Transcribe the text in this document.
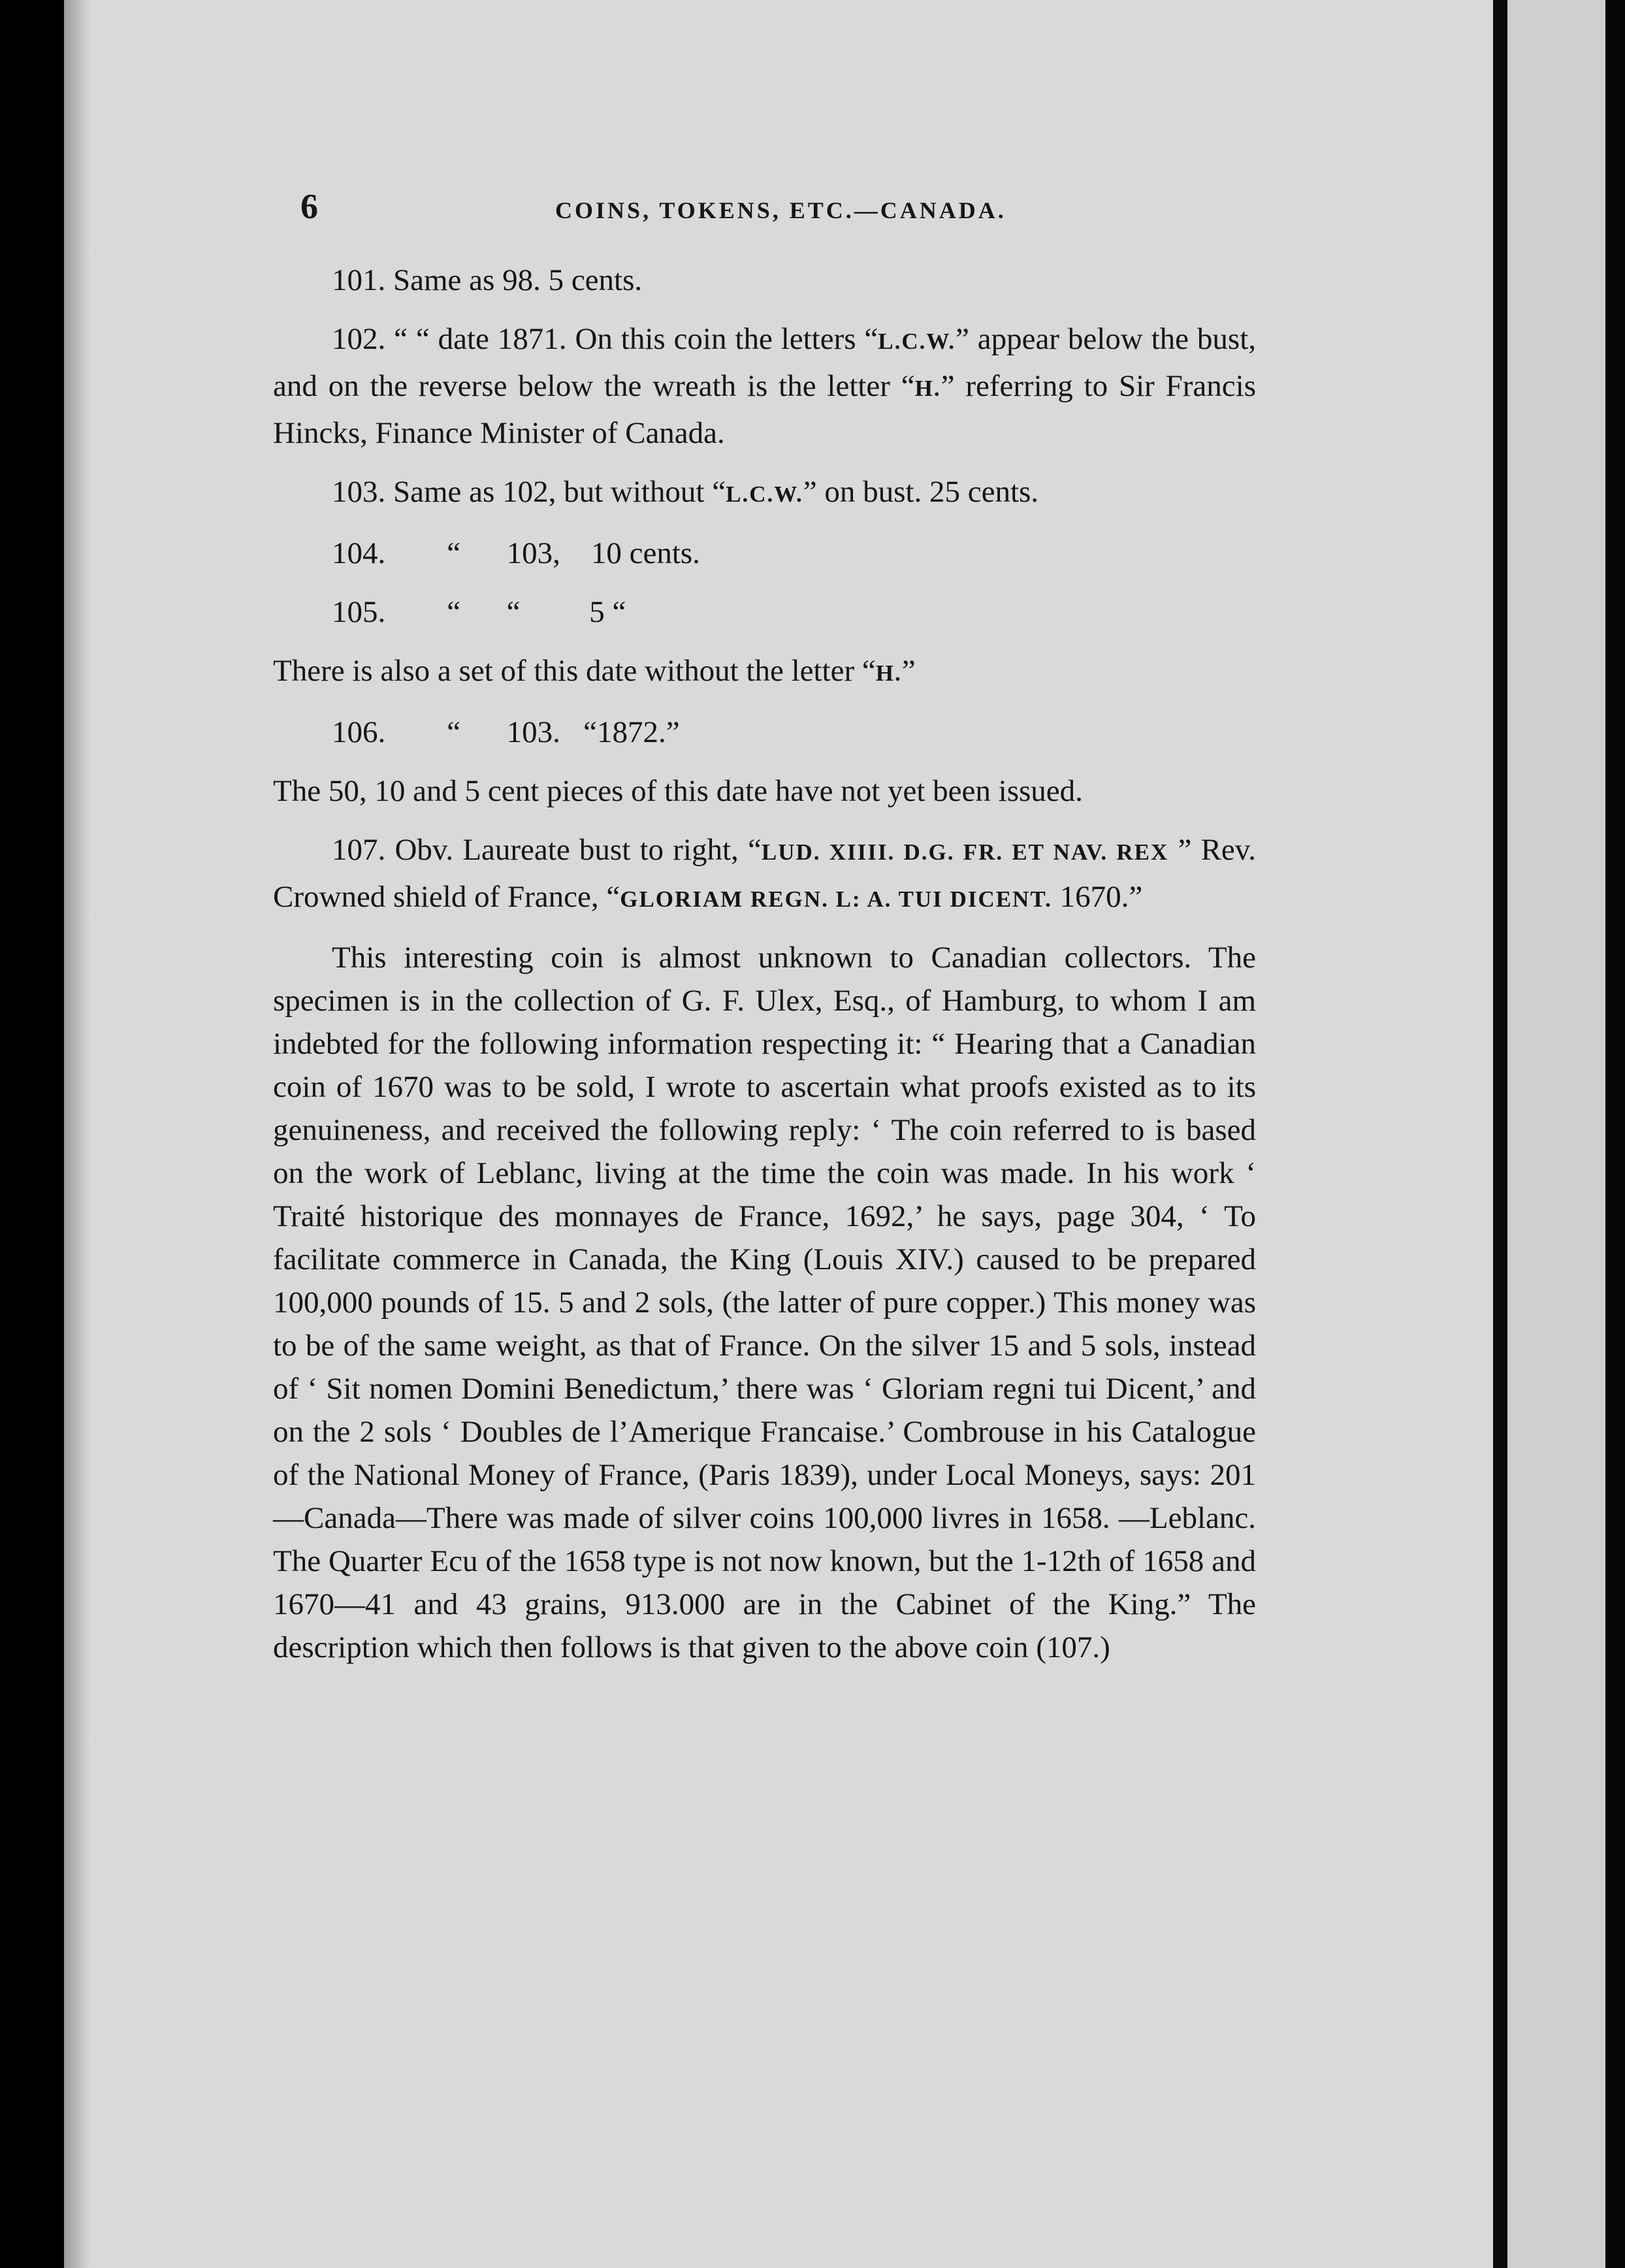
6	COINS, TOKENS, ETC.—CANADA.

101. Same as 98. 5 cents.

102. “ “ date 1871. On this coin the letters “L.C.W.” appear below the bust, and on the reverse below the wreath is the letter “H.” referring to Sir Francis Hincks, Finance Minister of Canada.

103. Same as 102, but without “L.C.W.” on bust. 25 cents.

104.        “      103,    10 cents.

105.        “      “         5 “

There is also a set of this date without the letter “H.”

106.        “      103.   “1872.”

The 50, 10 and 5 cent pieces of this date have not yet been issued.

107. Obv. Laureate bust to right, “LUD. XIIII. D.G. FR. ET NAV. REX ” Rev. Crowned shield of France, “GLORIAM REGN. L: A. TUI DICENT. 1670.”

This interesting coin is almost unknown to Canadian collectors. The specimen is in the collection of G. F. Ulex, Esq., of Hamburg, to whom I am indebted for the following information respecting it: “ Hearing that a Canadian coin of 1670 was to be sold, I wrote to ascertain what proofs existed as to its genuineness, and received the following reply: ‘ The coin referred to is based on the work of Leblanc, living at the time the coin was made. In his work ‘ Traité historique des monnayes de France, 1692,’ he says, page 304, ‘ To facilitate commerce in Canada, the King (Louis XIV.) caused to be prepared 100,000 pounds of 15. 5 and 2 sols, (the latter of pure copper.) This money was to be of the same weight, as that of France. On the silver 15 and 5 sols, instead of ‘ Sit nomen Domini Benedictum,’ there was ‘ Gloriam regni tui Dicent,’ and on the 2 sols ‘ Doubles de l’Amerique Francaise.’ Combrouse in his Catalogue of the National Money of France, (Paris 1839), under Local Moneys, says: 201—Canada—There was made of silver coins 100,000 livres in 1658. —Leblanc. The Quarter Ecu of the 1658 type is not now known, but the 1-12th of 1658 and 1670—41 and 43 grains, 913.000 are in the Cabinet of the King.” The description which then follows is that given to the above coin (107.)
